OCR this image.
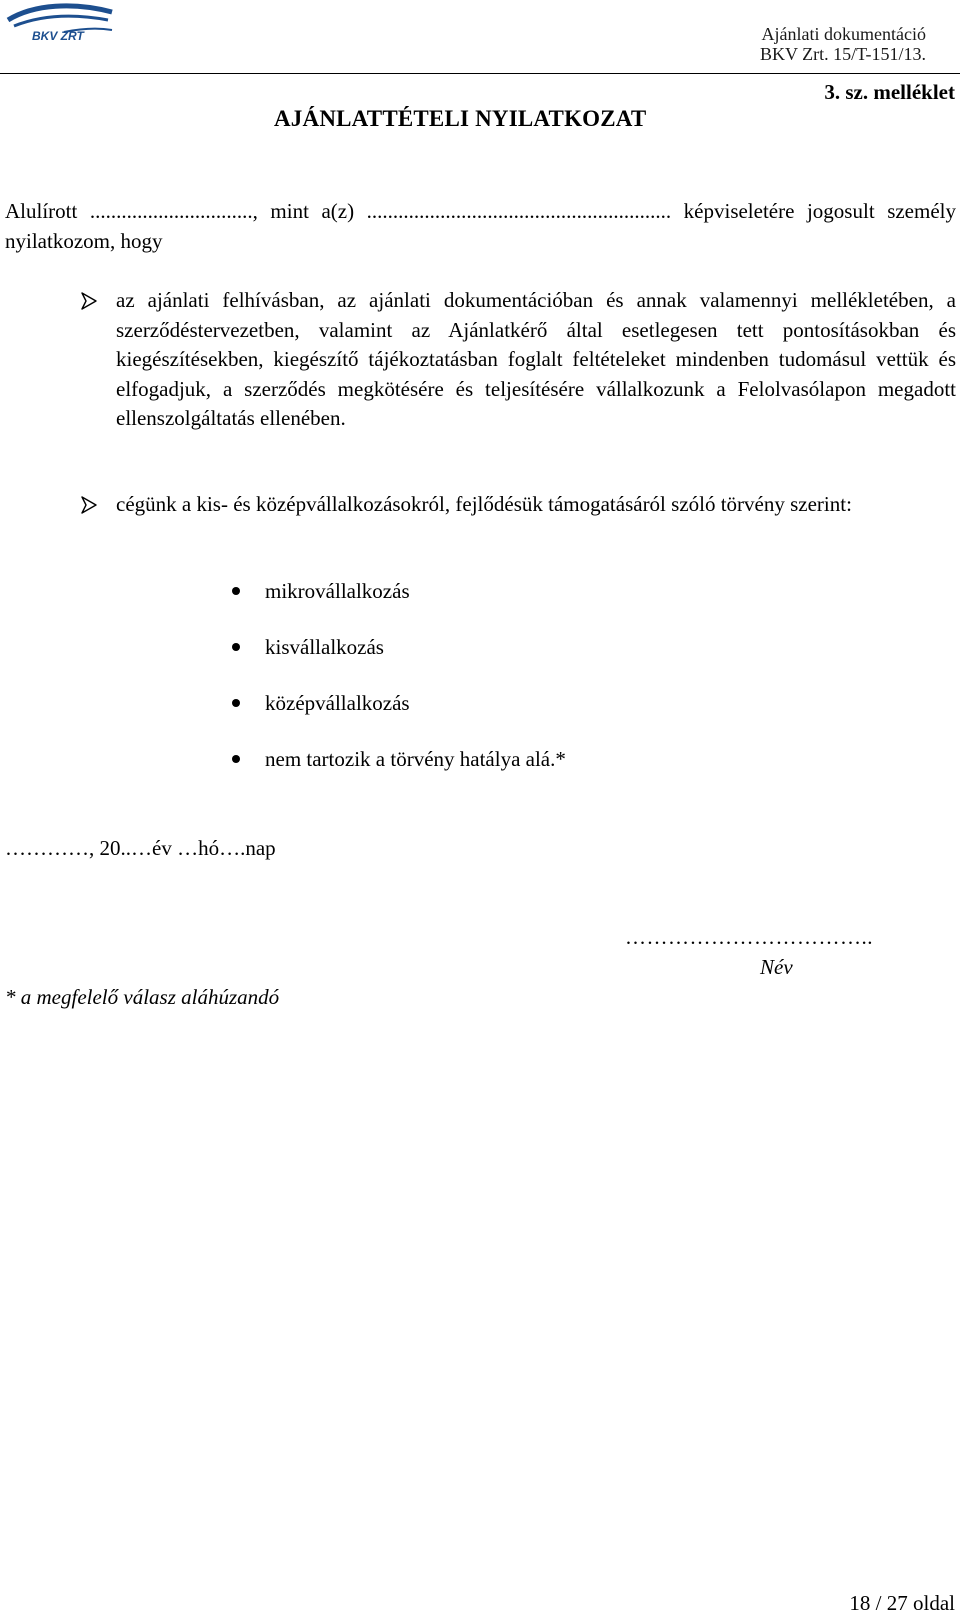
BKV ZRT	Ajánlati dokumentáció
BKV Zrt. 15/T-151/13.
3. sz. melléklet
AJÁNLATTÉTELI NYILATKOZAT
Alulírott ..............................., mint a(z) .......................................................... képviseletére jogosult személy nyilatkozom, hogy
az ajánlati felhívásban, az ajánlati dokumentációban és annak valamennyi mellékletében, a szerződéstervezetben, valamint az Ajánlatkérő által esetlegesen tett pontosításokban és kiegészítésekben, kiegészítő tájékoztatásban foglalt feltételeket mindenben tudomásul vettük és elfogadjuk, a szerződés megkötésére és teljesítésére vállalkozunk a Felolvasólapon megadott ellenszolgáltatás ellenében.
cégünk a kis- és középvállalkozásokról, fejlődésük támogatásáról szóló törvény szerint:
mikrovállalkozás
kisvállalkozás
középvállalkozás
nem tartozik a törvény hatálya alá.*
…………, 20..…év …hó….nap
……………………………..
Név
* a megfelelő válasz aláhúzandó
18 / 27 oldal
